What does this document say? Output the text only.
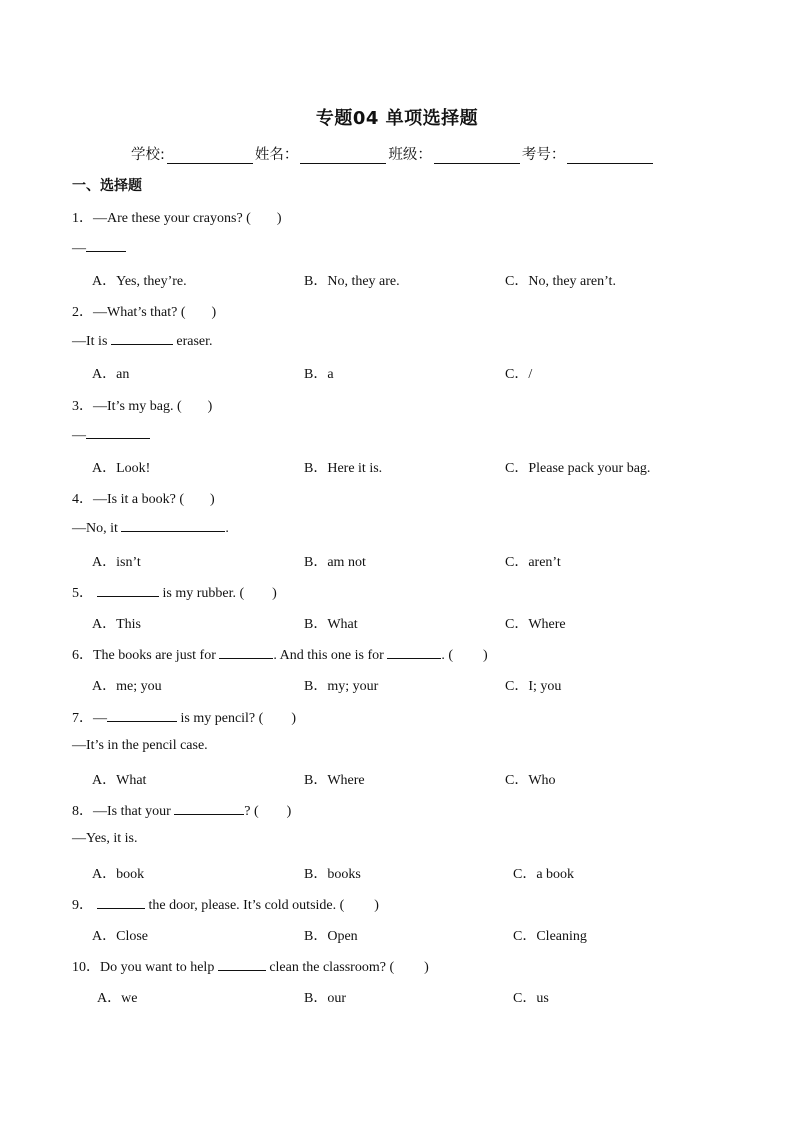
专题04 单项选择题
学校:	姓名：	班级：	考号：
一、选择题
1．—Are these your crayons? ( )
—
A．Yes, they’re.	B．No, they are.	C．No, they aren’t.
2．—What’s that? ( )
—It is	eraser.
A．an	B．a	C．/
3．—It’s my bag. ( )
—
A．Look!	B．Here it is.	C．Please pack your bag.
4．—Is it a book? ( )
—No, it	.
A．isn’t	B．am not	C．aren’t
5．	is my rubber. ( )
A．This	B．What	C．Where
6．The books are just for	. And this one is for	. ( )
A．me; you	B．my; your	C．I; you
7．—	is my pencil? ( )
—It’s in the pencil case.
A．What	B．Where	C．Who
8．—Is that your	? ( )
—Yes, it is.
A．book	B．books	C．a book
9．	the door, please. It’s cold outside. ( )
A．Close	B．Open	C．Cleaning
10．Do you want to help	clean the classroom? ( )
A．we	B．our	C．us
